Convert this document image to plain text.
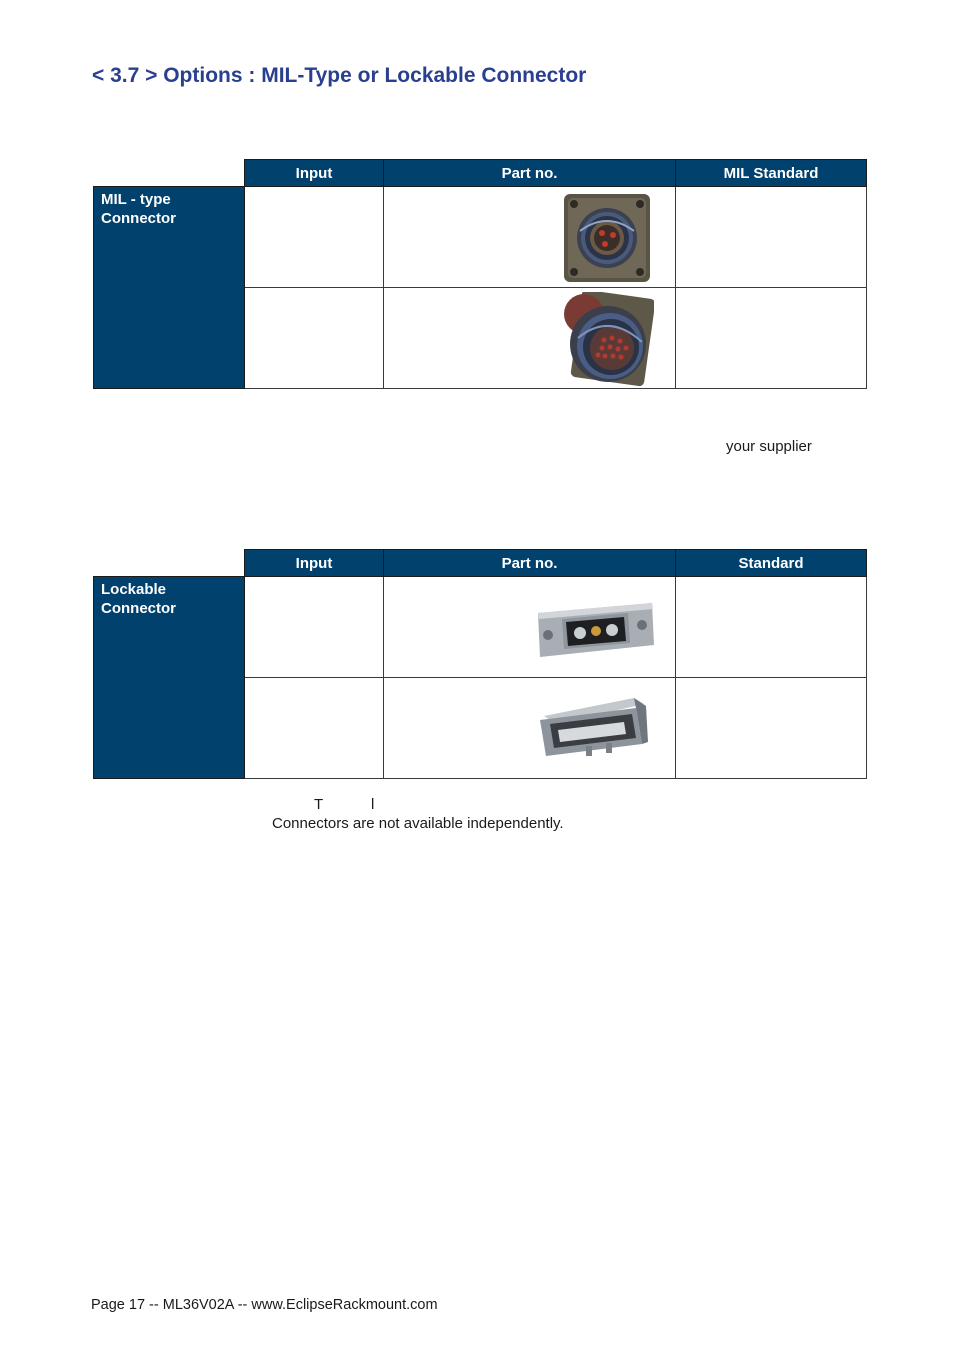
< 3.7 > Options : MIL-Type or Lockable Connector
	Input	Part no.	MIL Standard
MIL - type
Connector		

your supplier
	Input	Part no.	Standard
Lockable
Connector		

T	l
Connectors are not available independently.
Page 17 -- ML36V02A -- www.EclipseRackmount.com
